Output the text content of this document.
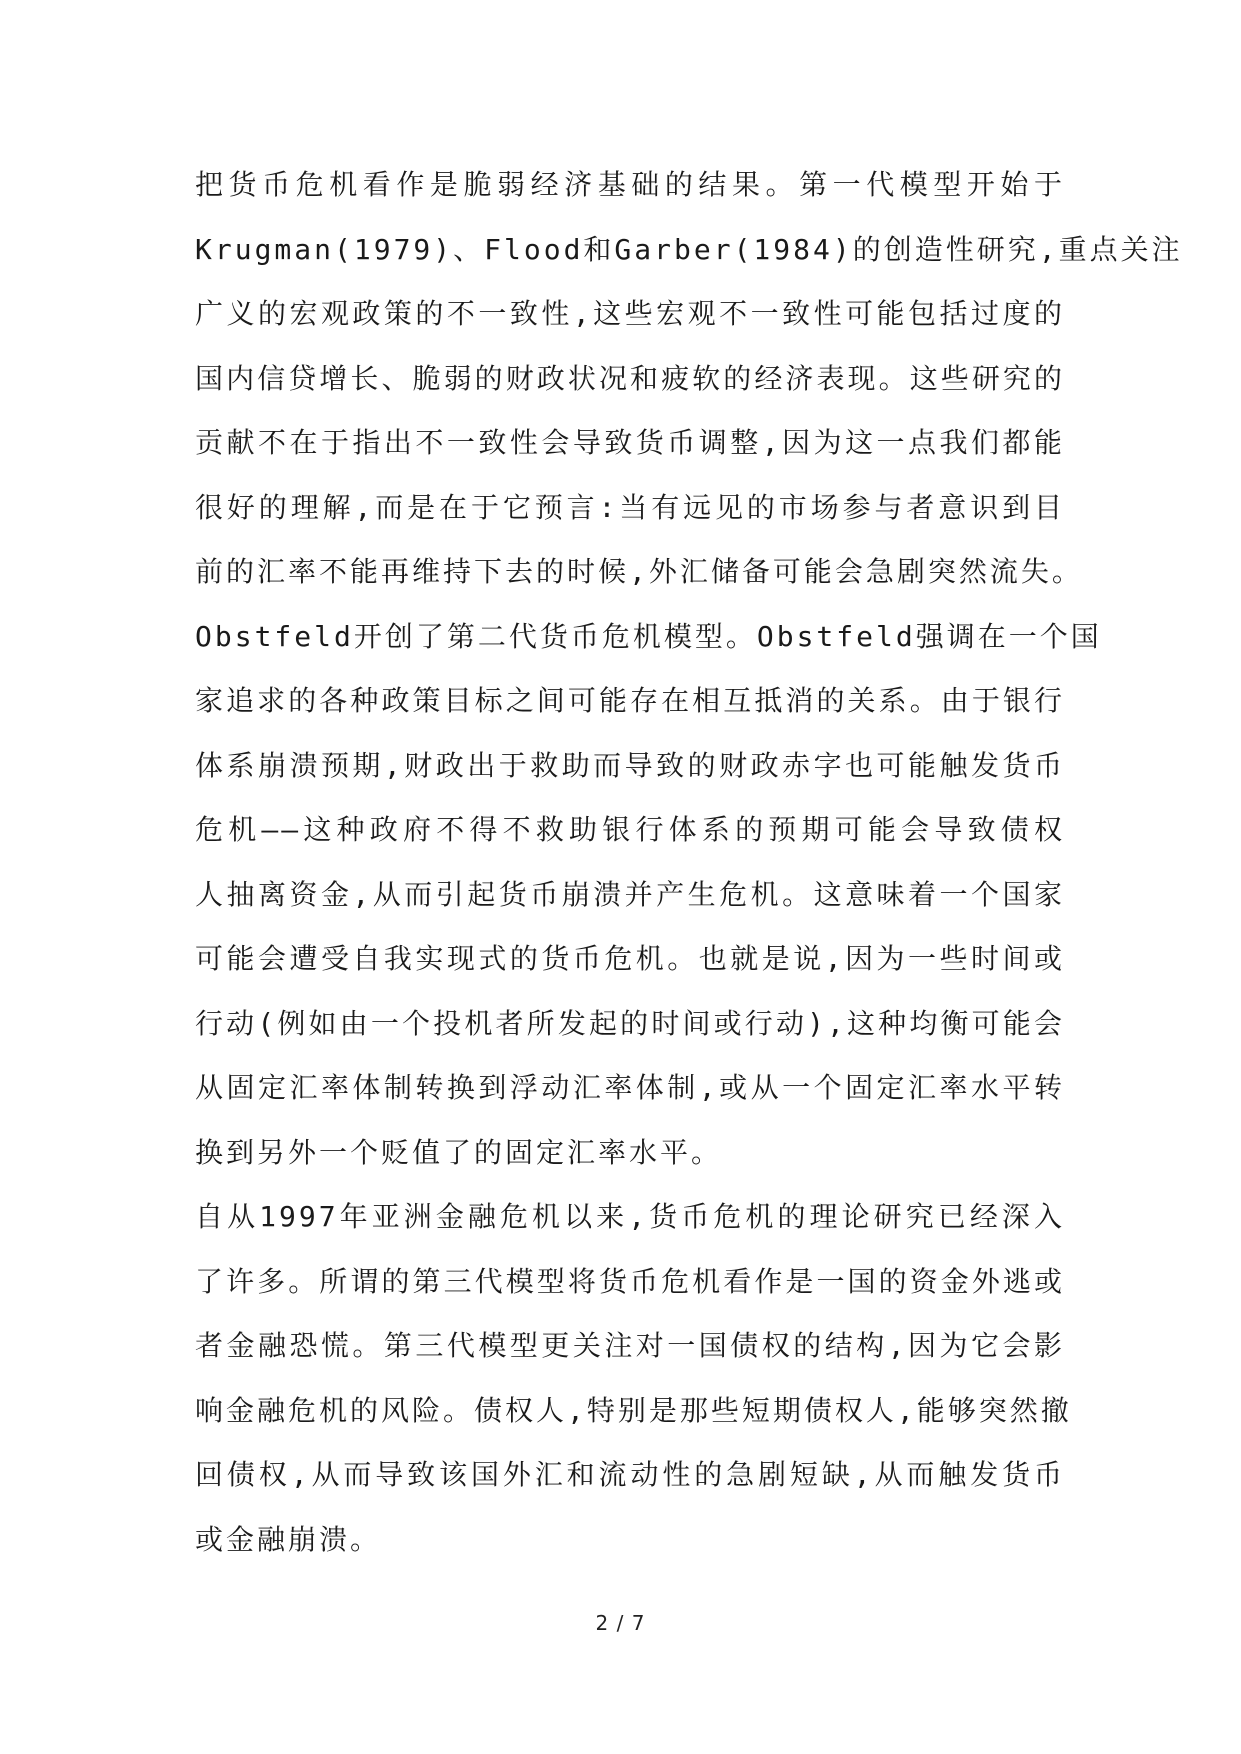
把货币危机看作是脆弱经济基础的结果。第一代模型开始于
Krugman(1979)、Flood和Garber(1984)的创造性研究,重点关注
广义的宏观政策的不一致性,这些宏观不一致性可能包括过度的
国内信贷增长、脆弱的财政状况和疲软的经济表现。这些研究的
贡献不在于指出不一致性会导致货币调整,因为这一点我们都能
很好的理解,而是在于它预言:当有远见的市场参与者意识到目
前的汇率不能再维持下去的时候,外汇储备可能会急剧突然流失。
Obstfeld开创了第二代货币危机模型。Obstfeld强调在一个国
家追求的各种政策目标之间可能存在相互抵消的关系。由于银行
体系崩溃预期,财政出于救助而导致的财政赤字也可能触发货币
危机——这种政府不得不救助银行体系的预期可能会导致债权
人抽离资金,从而引起货币崩溃并产生危机。这意味着一个国家
可能会遭受自我实现式的货币危机。也就是说,因为一些时间或
行动(例如由一个投机者所发起的时间或行动),这种均衡可能会
从固定汇率体制转换到浮动汇率体制,或从一个固定汇率水平转
换到另外一个贬值了的固定汇率水平。
自从1997年亚洲金融危机以来,货币危机的理论研究已经深入
了许多。所谓的第三代模型将货币危机看作是一国的资金外逃或
者金融恐慌。第三代模型更关注对一国债权的结构,因为它会影
响金融危机的风险。债权人,特别是那些短期债权人,能够突然撤
回债权,从而导致该国外汇和流动性的急剧短缺,从而触发货币
或金融崩溃。
2 / 7
